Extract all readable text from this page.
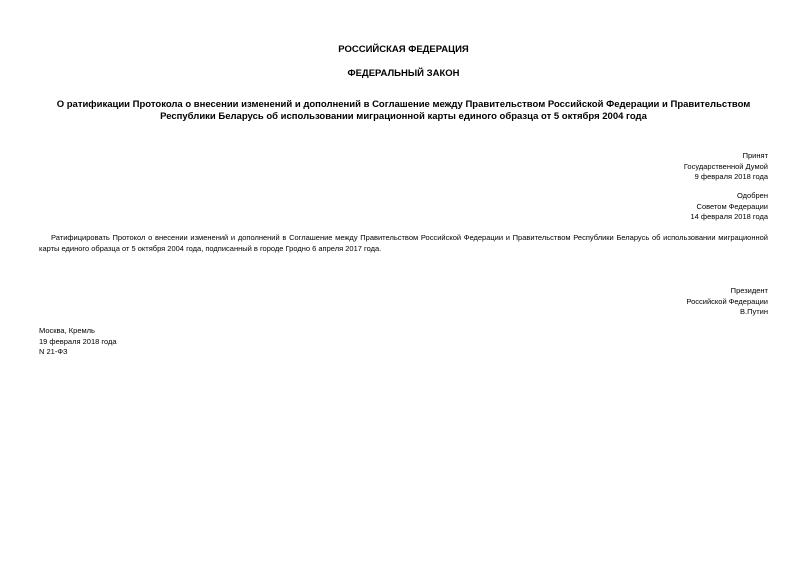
РОССИЙСКАЯ ФЕДЕРАЦИЯ
ФЕДЕРАЛЬНЫЙ ЗАКОН
О ратификации Протокола о внесении изменений и дополнений в Соглашение между Правительством Российской Федерации и Правительством Республики Беларусь об использовании миграционной карты единого образца от 5 октября 2004 года
Принят
Государственной Думой
9 февраля 2018 года
Одобрен
Советом Федерации
14 февраля 2018 года
Ратифицировать Протокол о внесении изменений и дополнений в Соглашение между Правительством Российской Федерации и Правительством Республики Беларусь об использовании миграционной карты единого образца от 5 октября 2004 года, подписанный в городе Гродно 6 апреля 2017 года.
Президент
Российской Федерации
В.Путин
Москва, Кремль
19 февраля 2018 года
N 21-ФЗ
